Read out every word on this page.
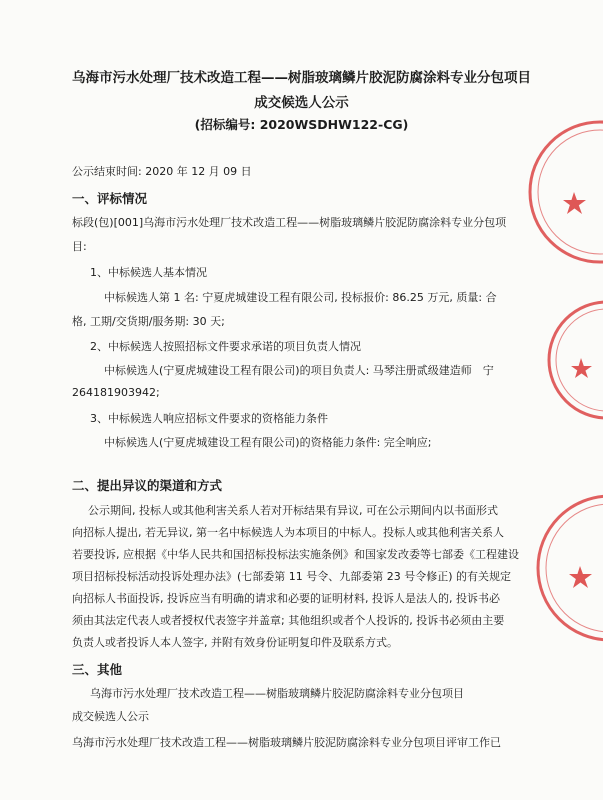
乌海市污水处理厂技术改造工程——树脂玻璃鳞片胶泥防腐涂料专业分包项目
成交候选人公示
(招标编号: 2020WSDHW122-CG)
公示结束时间: 2020 年 12 月 09 日
一、评标情况
标段(包)[001]乌海市污水处理厂技术改造工程——树脂玻璃鳞片胶泥防腐涂料专业分包项
目:
1、中标候选人基本情况
中标候选人第 1 名: 宁夏虎城建设工程有限公司, 投标报价: 86.25 万元, 质量: 合
格, 工期/交货期/服务期: 30 天;
2、中标候选人按照招标文件要求承诺的项目负责人情况
中标候选人(宁夏虎城建设工程有限公司)的项目负责人: 马琴注册贰级建造师　宁
264181903942;
3、中标候选人响应招标文件要求的资格能力条件
中标候选人(宁夏虎城建设工程有限公司)的资格能力条件: 完全响应;
二、提出异议的渠道和方式
公示期间, 投标人或其他利害关系人若对开标结果有异议, 可在公示期间内以书面形式
向招标人提出, 若无异议, 第一名中标候选人为本项目的中标人。投标人或其他利害关系人
若要投诉, 应根据《中华人民共和国招标投标法实施条例》和国家发改委等七部委《工程建设
项目招标投标活动投诉处理办法》(七部委第 11 号令、九部委第 23 号令修正) 的有关规定
向招标人书面投诉, 投诉应当有明确的请求和必要的证明材料, 投诉人是法人的, 投诉书必
须由其法定代表人或者授权代表签字并盖章; 其他组织或者个人投诉的, 投诉书必须由主要
负责人或者投诉人本人签字, 并附有效身份证明复印件及联系方式。
三、其他
乌海市污水处理厂技术改造工程——树脂玻璃鳞片胶泥防腐涂料专业分包项目
成交候选人公示
乌海市污水处理厂技术改造工程——树脂玻璃鳞片胶泥防腐涂料专业分包项目评审工作已
